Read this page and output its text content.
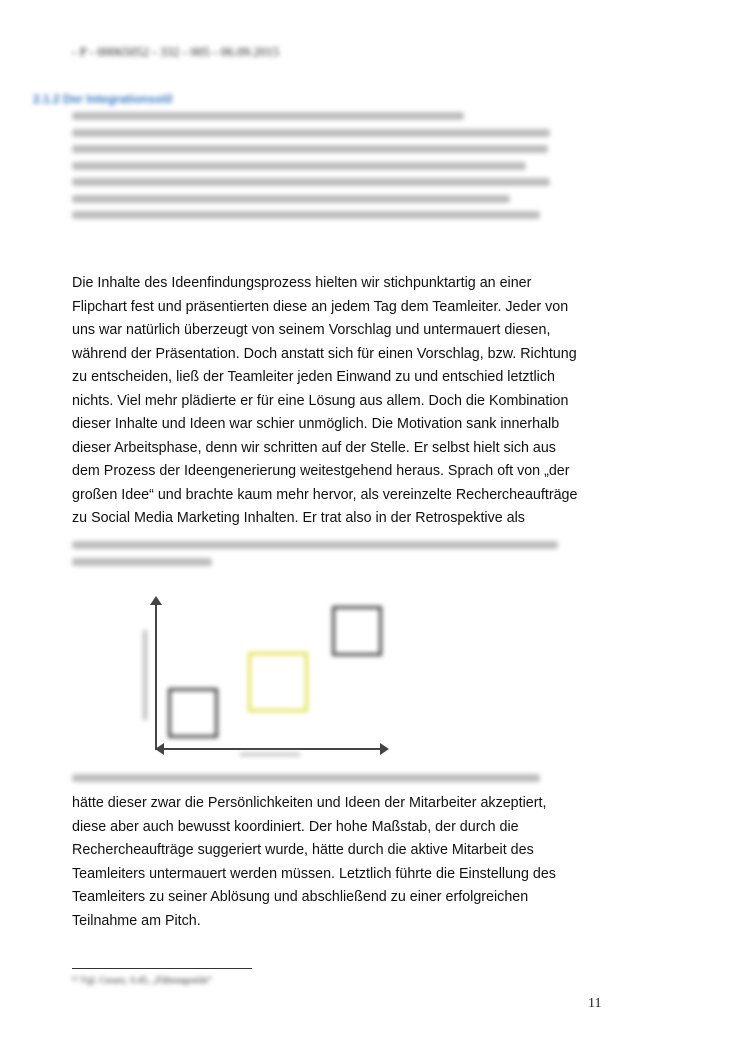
- P - 00065052 - 332 - 005 - 06.09.2015
2.1.2 Der Integrationsstil
Die Inhalte des Ideenfindungsprozess hielten wir stichpunktartig an einer
Flipchart fest und präsentierten diese an jedem Tag dem Teamleiter. Jeder von
uns war natürlich überzeugt von seinem Vorschlag und untermauert diesen,
während der Präsentation. Doch anstatt sich für einen Vorschlag, bzw. Richtung
zu entscheiden, ließ der Teamleiter jeden Einwand zu und entschied letztlich
nichts. Viel mehr plädierte er für eine Lösung aus allem. Doch die Kombination
dieser Inhalte und Ideen war schier unmöglich. Die Motivation sank innerhalb
dieser Arbeitsphase, denn wir schritten auf der Stelle. Er selbst hielt sich aus
dem Prozess der Ideengenerierung weitestgehend heraus. Sprach oft von „der
großen Idee“ und brachte kaum mehr hervor, als vereinzelte Rechercheaufträge
zu Social Media Marketing Inhalten. Er trat also in der Retrospektive als
hätte dieser zwar die Persönlichkeiten und Ideen der Mitarbeiter akzeptiert,
diese aber auch bewusst koordiniert. Der hohe Maßstab, der durch die
Rechercheaufträge suggeriert wurde, hätte durch die aktive Mitarbeit des
Teamleiters untermauert werden müssen. Letztlich führte die Einstellung des
Teamleiters zu seiner Ablösung und abschließend zu einer erfolgreichen
Teilnahme am Pitch.
¹⁶ Vgl. Cesarz, S.45, „Führungsstile“
11
